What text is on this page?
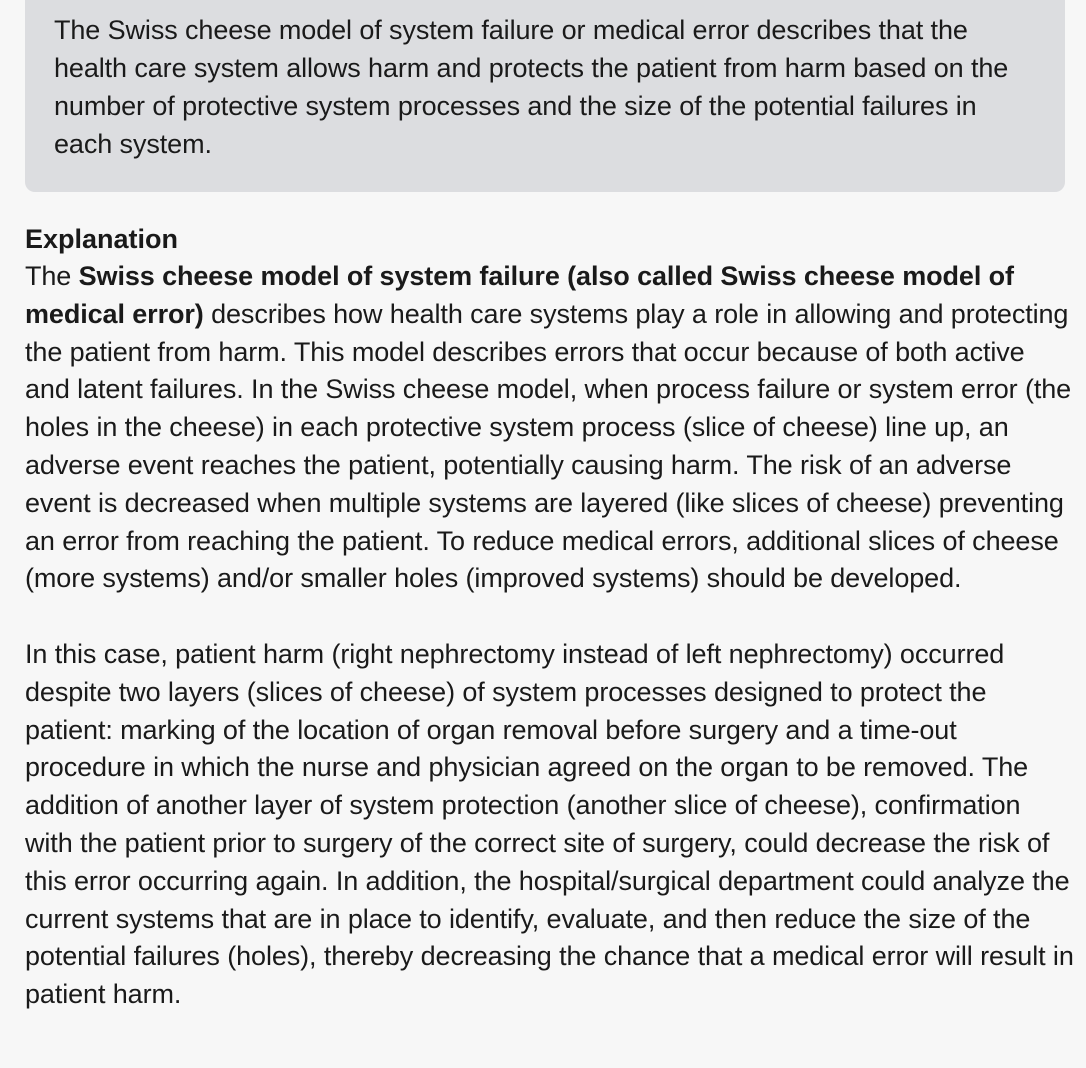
The Swiss cheese model of system failure or medical error describes that the health care system allows harm and protects the patient from harm based on the number of protective system processes and the size of the potential failures in each system.

Explanation

The Swiss cheese model of system failure (also called Swiss cheese model of medical error) describes how health care systems play a role in allowing and protecting the patient from harm. This model describes errors that occur because of both active and latent failures. In the Swiss cheese model, when process failure or system error (the holes in the cheese) in each protective system process (slice of cheese) line up, an adverse event reaches the patient, potentially causing harm. The risk of an adverse event is decreased when multiple systems are layered (like slices of cheese) preventing an error from reaching the patient. To reduce medical errors, additional slices of cheese (more systems) and/or smaller holes (improved systems) should be developed.

In this case, patient harm (right nephrectomy instead of left nephrectomy) occurred despite two layers (slices of cheese) of system processes designed to protect the patient: marking of the location of organ removal before surgery and a time-out procedure in which the nurse and physician agreed on the organ to be removed. The addition of another layer of system protection (another slice of cheese), confirmation with the patient prior to surgery of the correct site of surgery, could decrease the risk of this error occurring again. In addition, the hospital/surgical department could analyze the current systems that are in place to identify, evaluate, and then reduce the size of the potential failures (holes), thereby decreasing the chance that a medical error will result in patient harm.
